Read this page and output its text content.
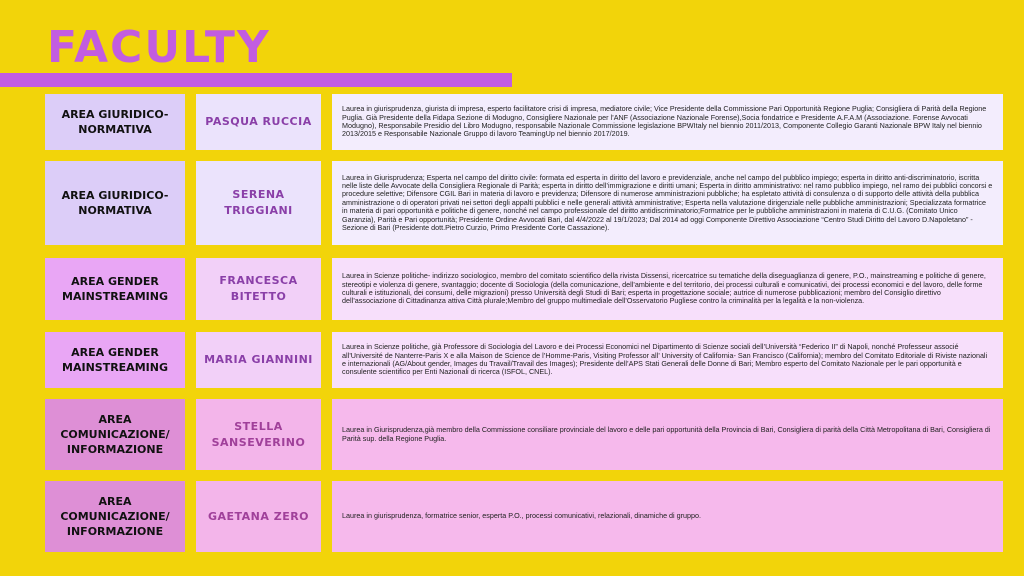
FACULTY
AREA GIURIDICO-NORMATIVA
PASQUA RUCCIA
Laurea in giurisprudenza, giurista di impresa, esperto facilitatore crisi di impresa, mediatore civile; Vice Presidente della Commissione Pari Opportunità Regione Puglia; Consigliera di Parità della Regione Puglia. Già Presidente della Fidapa Sezione di Modugno, Consigliere Nazionale per l’ANF (Associazione Nazionale Forense),Socia fondatrice e Presidente A.F.A.M (Associazione. Forense Avvocati Modugno), Responsabile Presidio del Libro Modugno, responsabile Nazionale Commissione legislazione BPWItaly nel biennio 2011/2013, Componente Collegio Garanti Nazionale BPW Italy nel biennio 2013/2015 e Responsabile Nazionale Gruppo di lavoro TeamingUp nel biennio 2017/2019.
AREA GIURIDICO-NORMATIVA
SERENA TRIGGIANI
Laurea in Giurisprudenza; Esperta nel campo del diritto civile: formata ed esperta in diritto del lavoro e previdenziale, anche nel campo del pubblico impiego; esperta in diritto anti-discriminatorio, iscritta nelle liste delle Avvocate della Consigliera Regionale di Parità; esperta in diritto dell’immigrazione e diritti umani; Esperta in diritto amministrativo: nel ramo pubblico impiego, nel ramo dei pubblici concorsi e procedure selettive; Difensore CGIL Bari in materia di lavoro e previdenza; Difensore di numerose amministrazioni pubbliche; ha espletato attività di consulenza o di supporto delle attività della pubblica amministrazione o di operatori privati nei settori degli appalti pubblici e nelle generali attività amministrative; Esperta nella valutazione dirigenziale nelle pubbliche amministrazioni; Specializzata formatrice in materia di pari opportunità e politiche di genere, nonché nel campo professionale del diritto antidiscriminatorio;Formatrice per le pubbliche amministrazioni in materia di C.U.G. (Comitato Unico Garanzia), Parità e Pari opportunità; Presidente Ordine Avvocati Bari, dal 4/4/2022 al 19/1/2023; Dal 2014 ad oggi Componente Direttivo Associazione “Centro Studi Diritto del Lavoro D.Napoletano” - Sezione di Bari (Presidente dott.Pietro Curzio, Primo Presidente Corte Cassazione).
AREA GENDER MAINSTREAMING
FRANCESCA BITETTO
Laurea in Scienze politiche- indirizzo sociologico, membro del comitato scientifico della rivista Dissensi, ricercatrice su tematiche della diseguaglianza di genere, P.O., mainstreaming e politiche di genere, stereotipi e violenza di genere, svantaggio; docente di Sociologia (della comunicazione, dell’ambiente e del territorio, dei processi culturali e comunicativi, dei processi economici e del lavoro, delle forme culturali e istituzionali, dei consumi, delle migrazioni) presso Università degli Studi di Bari; esperta in progettazione sociale; autrice di numerose pubblicazioni; membro del Consiglio direttivo dell’associazione di Cittadinanza attiva Città plurale;Membro del gruppo multimediale dell’Osservatorio Pugliese contro la criminalità per la legalità e la non-violenza.
AREA GENDER MAINSTREAMING
MARIA GIANNINI
Laurea in Scienze politiche, già Professore di Sociologia del Lavoro e dei Processi Economici nel Dipartimento di Scienze sociali dell’Università “Federico II” di Napoli, nonché Professeur associé all’Université de Nanterre-Paris X e alla Maison de Science de l’Homme-Paris, Visiting Professor all’ University of California- San Francisco (California); membro del Comitato Editoriale di Riviste nazionali e internazionali (AG/About gender, Images du Travail/Travail des Images); Presidente dell’APS Stati Generali delle Donne di Bari; Membro esperto del Comitato Nazionale per le pari opportunità e consulente scientifico per Enti Nazionali di ricerca (ISFOL, CNEL).
AREA COMUNICAZIONE/ INFORMAZIONE
STELLA SANSEVERINO
Laurea in Giurisprudenza,già membro della Commissione consiliare provinciale del lavoro e delle pari opportunità della Provincia di Bari, Consigliera di parità della Città Metropolitana di Bari, Consigliera di Parità sup. della Regione Puglia.
AREA COMUNICAZIONE/ INFORMAZIONE
GAETANA ZERO	Laurea in giurisprudenza, formatrice senior, esperta P.O., processi comunicativi, relazionali, dinamiche di gruppo.
